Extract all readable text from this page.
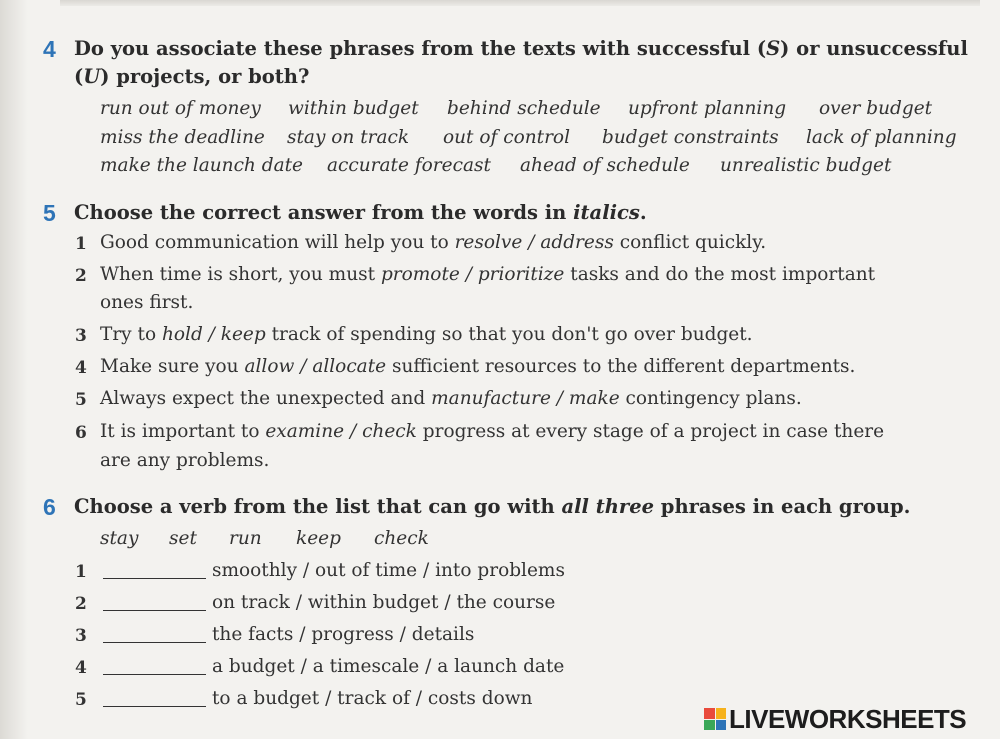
4 Do you associate these phrases from the texts with successful (S) or unsuccessful
(U) projects, or both?
run out of money within budget behind schedule upfront planning over budget
miss the deadline stay on track out of control budget constraints lack of planning
make the launch date accurate forecast ahead of schedule unrealistic budget
5 Choose the correct answer from the words in italics.
1 Good communication will help you to resolve / address conflict quickly.
2 When time is short, you must promote / prioritize tasks and do the most important
ones first.
3 Try to hold / keep track of spending so that you don't go over budget.
4 Make sure you allow / allocate sufficient resources to the different departments.
5 Always expect the unexpected and manufacture / make contingency plans.
6 It is important to examine / check progress at every stage of a project in case there
are any problems.
6 Choose a verb from the list that can go with all three phrases in each group.
stay set run keep check
1	smoothly / out of time / into problems
2	on track / within budget / the course
3	the facts / progress / details
4	a budget / a timescale / a launch date
5	to a budget / track of / costs down
LIVEWORKSHEETS
